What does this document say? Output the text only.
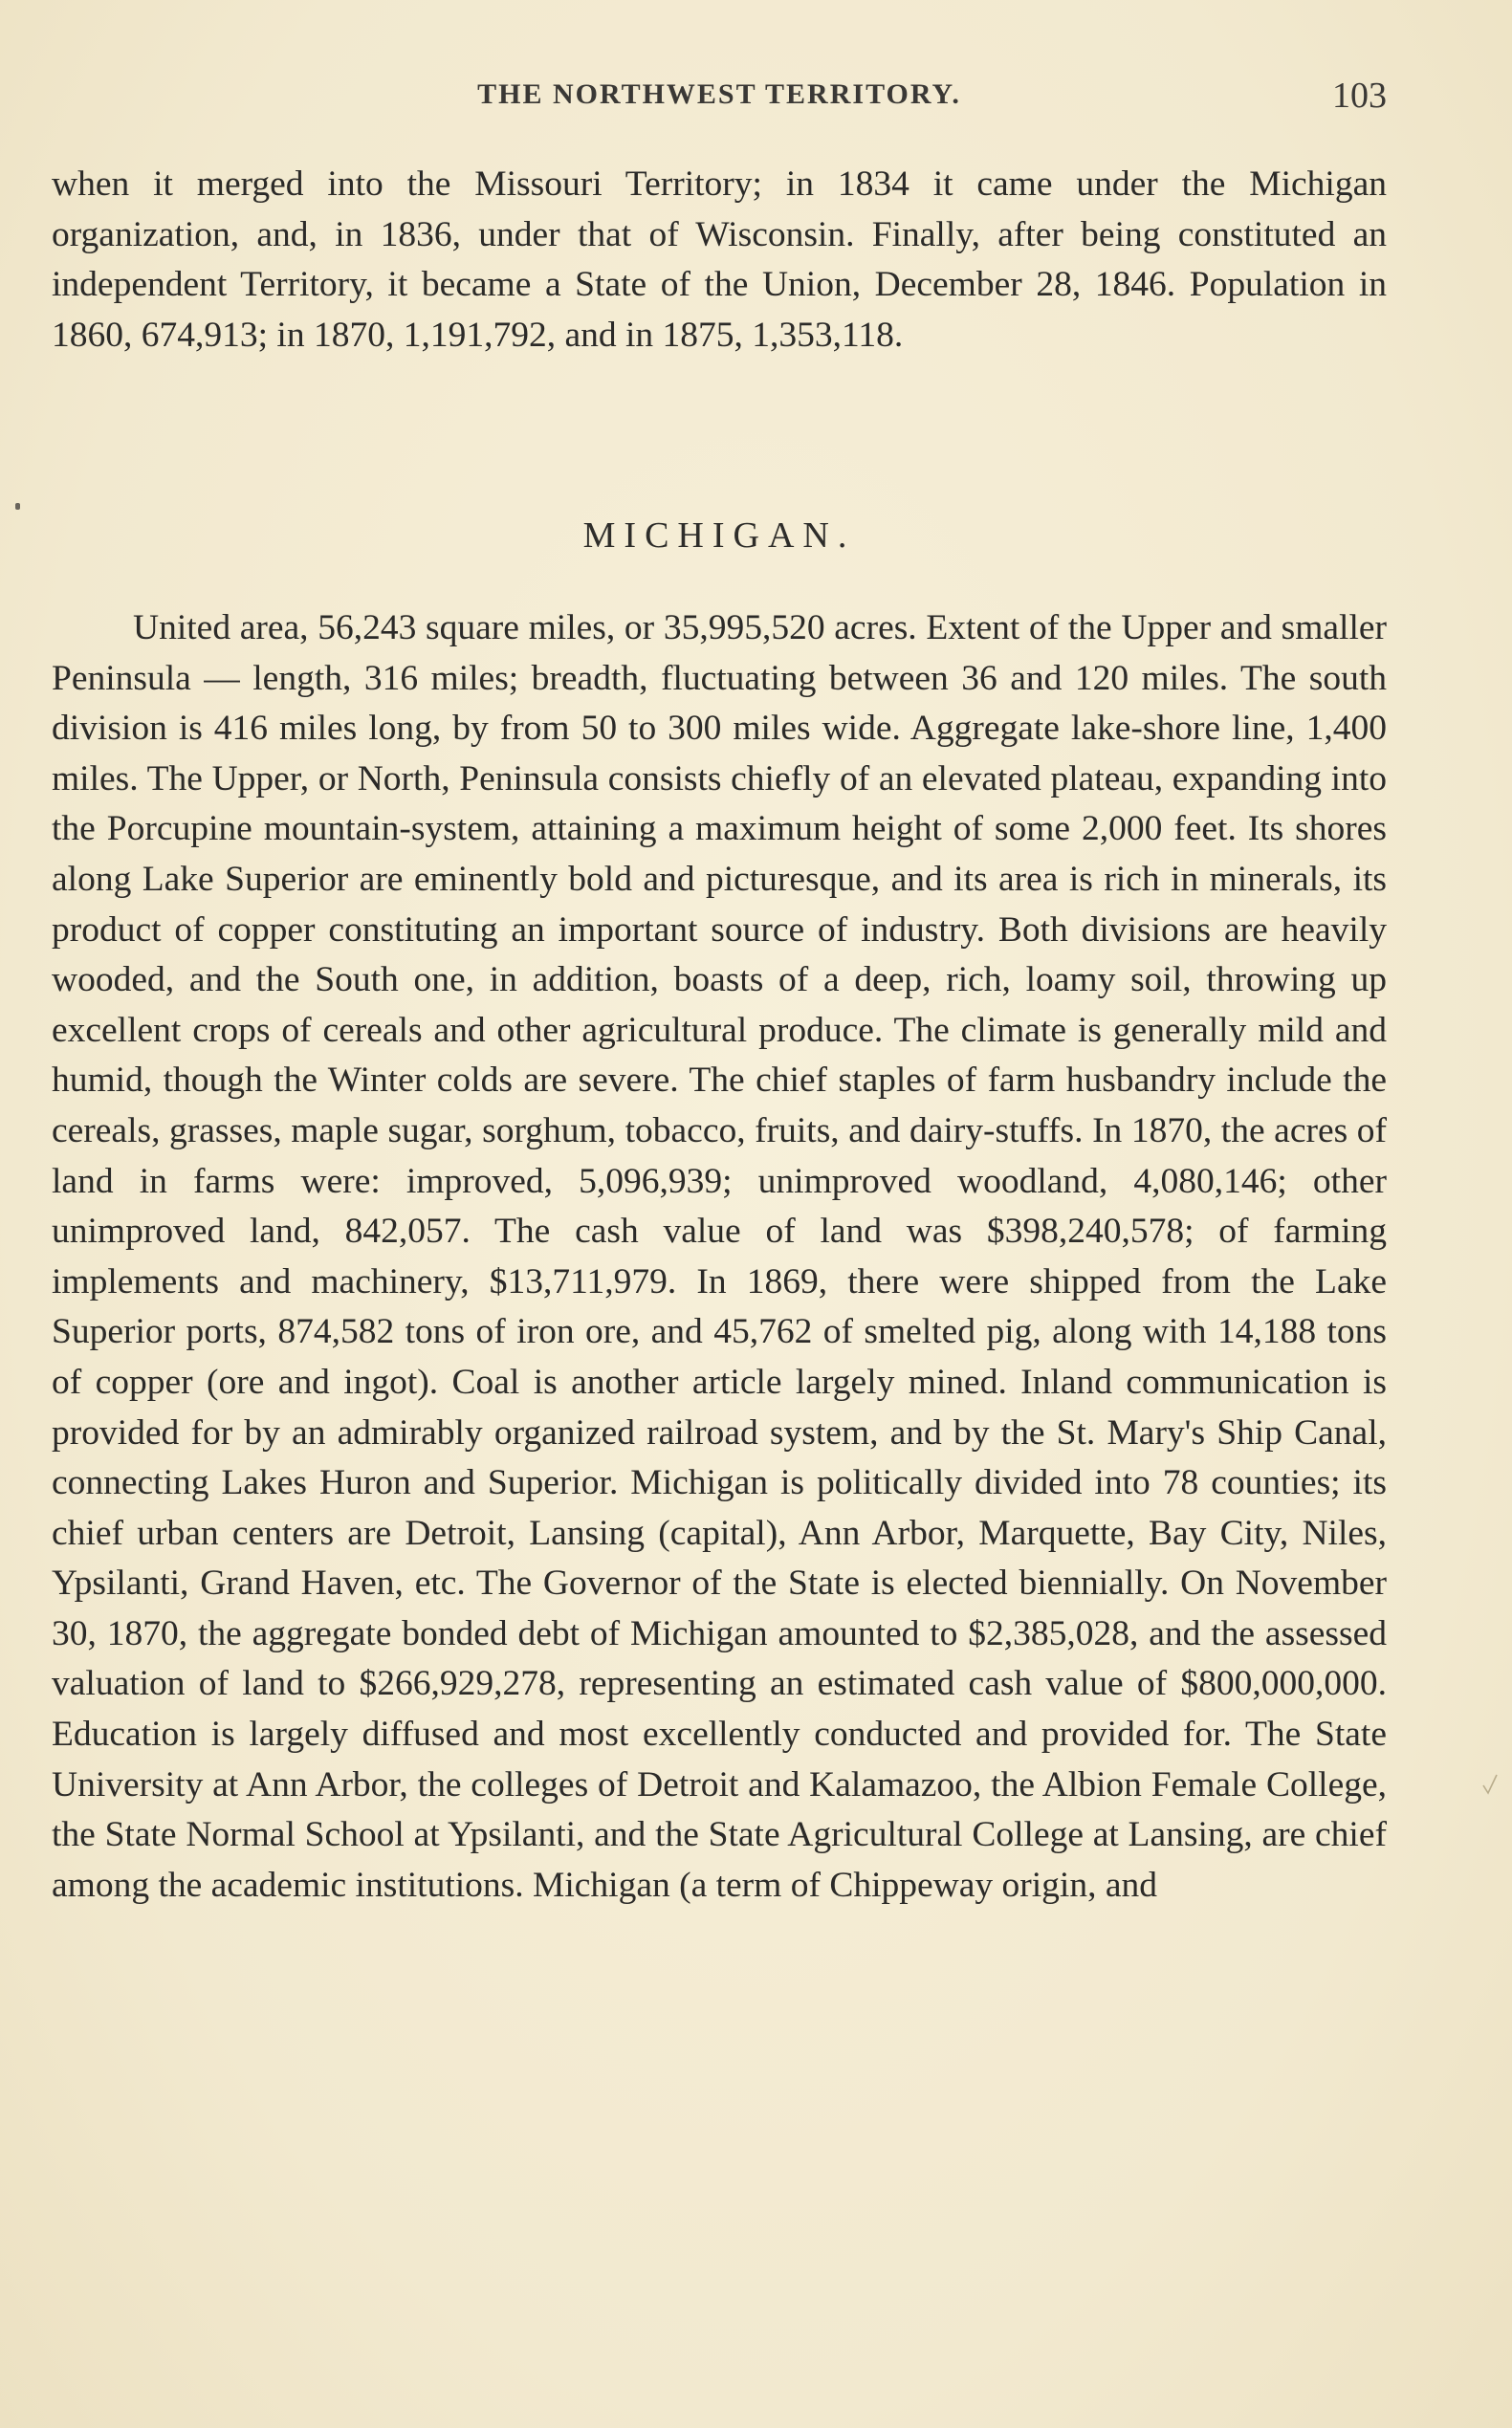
THE NORTHWEST TERRITORY.	103

when it merged into the Missouri Territory; in 1834 it came under the Michigan organization, and, in 1836, under that of Wisconsin. Finally, after being constituted an independent Territory, it became a State of the Union, December 28, 1846. Population in 1860, 674,913; in 1870, 1,191,792, and in 1875, 1,353,118.

MICHIGAN.

United area, 56,243 square miles, or 35,995,520 acres. Extent of the Upper and smaller Peninsula — length, 316 miles; breadth, fluctuating between 36 and 120 miles. The south division is 416 miles long, by from 50 to 300 miles wide. Aggregate lake-shore line, 1,400 miles. The Upper, or North, Peninsula consists chiefly of an elevated plateau, expanding into the Porcupine mountain-system, attaining a maximum height of some 2,000 feet. Its shores along Lake Superior are eminently bold and picturesque, and its area is rich in minerals, its product of copper constituting an important source of industry. Both divisions are heavily wooded, and the South one, in addition, boasts of a deep, rich, loamy soil, throwing up excellent crops of cereals and other agricultural produce. The climate is generally mild and humid, though the Winter colds are severe. The chief staples of farm husbandry include the cereals, grasses, maple sugar, sorghum, tobacco, fruits, and dairy-stuffs. In 1870, the acres of land in farms were: improved, 5,096,939; unimproved woodland, 4,080,146; other unimproved land, 842,057. The cash value of land was $398,240,578; of farming implements and machinery, $13,711,979. In 1869, there were shipped from the Lake Superior ports, 874,582 tons of iron ore, and 45,762 of smelted pig, along with 14,188 tons of copper (ore and ingot). Coal is another article largely mined. Inland communication is provided for by an admirably organized railroad system, and by the St. Mary's Ship Canal, connecting Lakes Huron and Superior. Michigan is politically divided into 78 counties; its chief urban centers are Detroit, Lansing (capital), Ann Arbor, Marquette, Bay City, Niles, Ypsilanti, Grand Haven, etc. The Governor of the State is elected biennially. On November 30, 1870, the aggregate bonded debt of Michigan amounted to $2,385,028, and the assessed valuation of land to $266,929,278, representing an estimated cash value of $800,000,000. Education is largely diffused and most excellently conducted and provided for. The State University at Ann Arbor, the colleges of Detroit and Kalamazoo, the Albion Female College, the State Normal School at Ypsilanti, and the State Agricultural College at Lansing, are chief among the academic institutions. Michigan (a term of Chippeway origin, and
